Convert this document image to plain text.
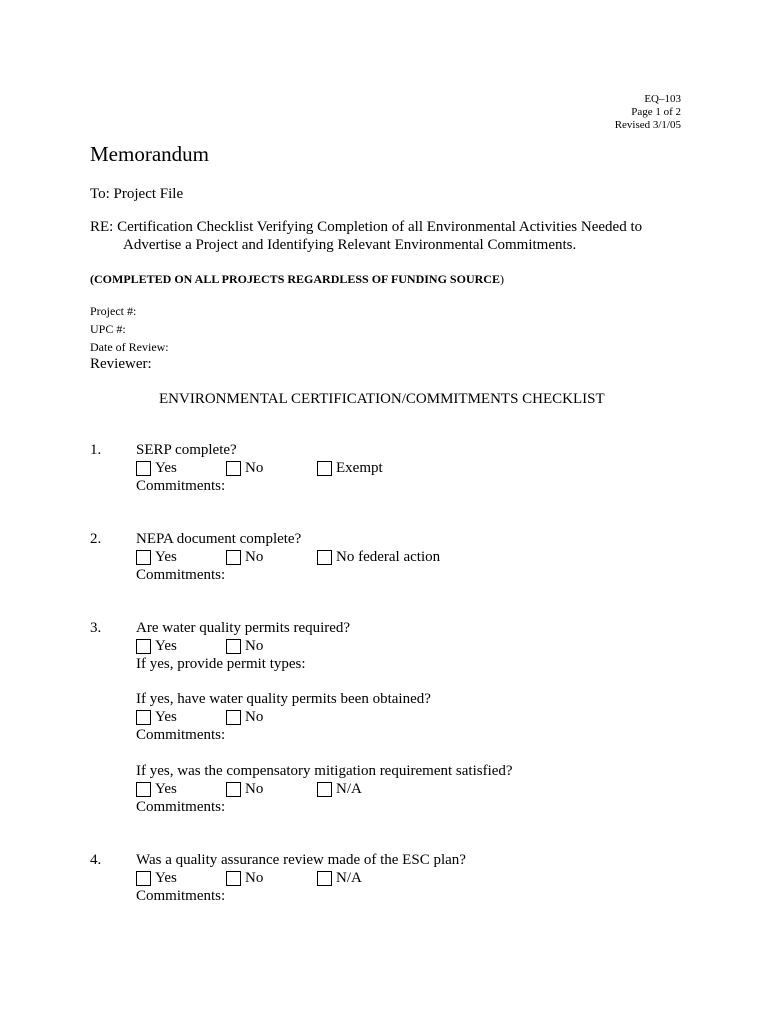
EQ–103
Page 1 of 2
Revised 3/1/05
Memorandum
To: Project File
RE: Certification Checklist Verifying Completion of all Environmental Activities Needed to
Advertise a Project and Identifying Relevant Environmental Commitments.
(COMPLETED ON ALL PROJECTS REGARDLESS OF FUNDING SOURCE)
Project #:
UPC #:
Date of Review:
Reviewer:
ENVIRONMENTAL CERTIFICATION/COMMITMENTS CHECKLIST
1. SERP complete?
Yes	No	Exempt
Commitments:
2. NEPA document complete?
Yes	No	No federal action
Commitments:
3. Are water quality permits required?
Yes	No
If yes, provide permit types:
If yes, have water quality permits been obtained?
Yes	No
Commitments:
If yes, was the compensatory mitigation requirement satisfied?
Yes	No	N/A
Commitments:
4. Was a quality assurance review made of the ESC plan?
Yes	No	N/A
Commitments:
